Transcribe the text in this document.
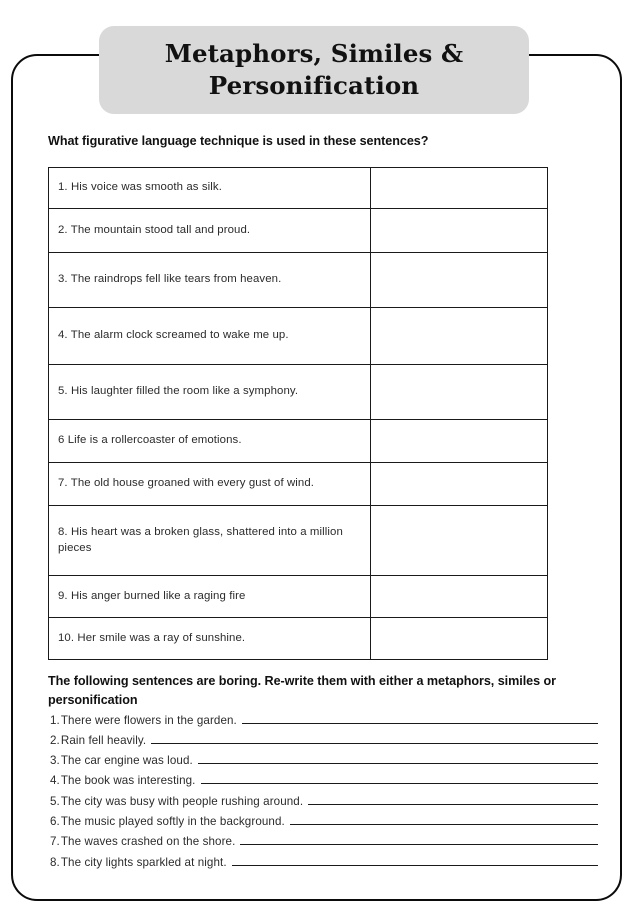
Metaphors, Similes & Personification
What figurative language technique is used in these sentences?
1. His voice was smooth as silk.	
2. The mountain stood tall and proud.	
3. The raindrops fell like tears from heaven.	
4. The alarm clock screamed to wake me up.	
5. His laughter filled the room like a symphony.	
6 Life is a rollercoaster of emotions.	
7. The old house groaned with every gust of wind.	
8. His heart was a broken glass, shattered into a million pieces	
9. His anger burned like a raging fire	
10. Her smile was a ray of sunshine.	
The following sentences are boring. Re-write them with either a metaphors, similes or personification
1. There were flowers in the garden.
2. Rain fell heavily.
3. The car engine was loud.
4. The book was interesting.
5. The city was busy with people rushing around.
6. The music played softly in the background.
7. The waves crashed on the shore.
8. The city lights sparkled at night.
